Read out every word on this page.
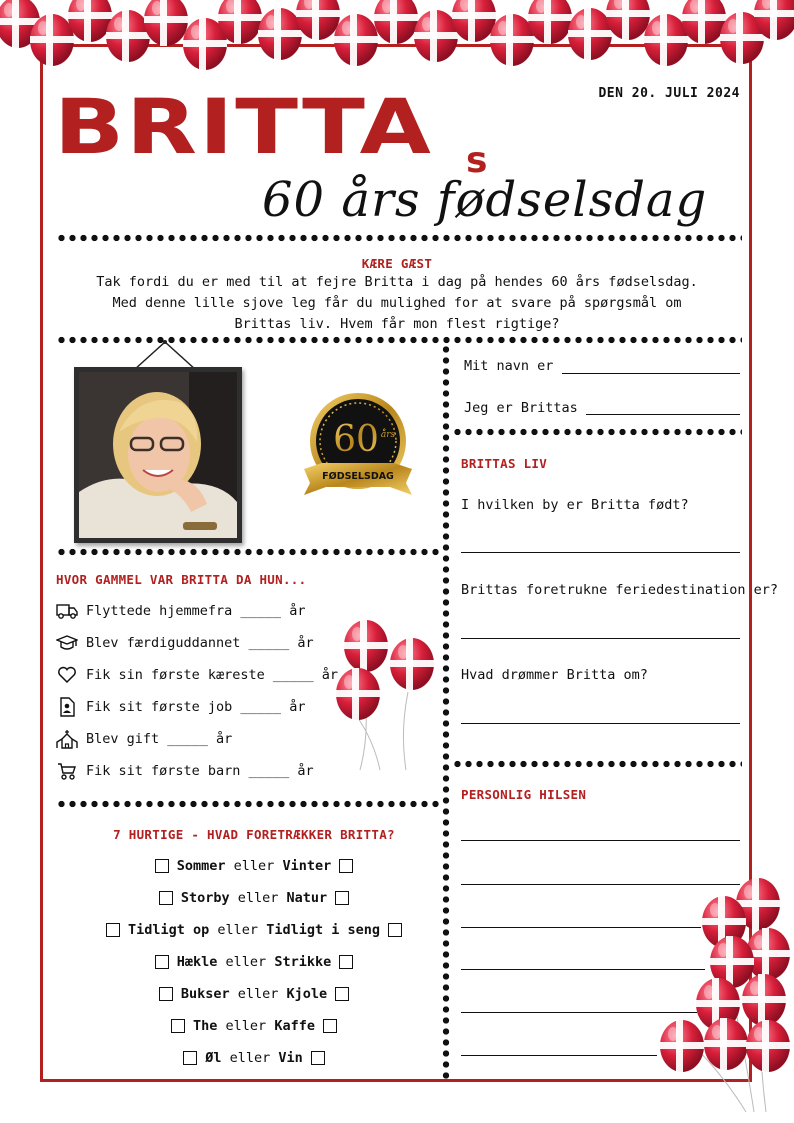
DEN 20. JULI 2024
BRITTA s
60 års fødselsdag
KÆRE GÆST
Tak fordi du er med til at fejre Britta i dag på hendes 60 års fødselsdag.
Med denne lille sjove leg får du mulighed for at svare på spørgsmål om
Brittas liv. Hvem får mon flest rigtige?
60 års
FØDSELSDAG
HVOR GAMMEL VAR BRITTA DA HUN...
Flyttede hjemmefra _____ år
Blev færdiguddannet _____ år
Fik sin første kæreste _____ år
Fik sit første job _____ år
Blev gift _____ år
Fik sit første barn _____ år
7 HURTIGE - HVAD FORETRÆKKER BRITTA?
Sommer eller Vinter
Storby eller Natur
Tidligt op eller Tidligt i seng
Hækle eller Strikke
Bukser eller Kjole
The eller Kaffe
Øl eller Vin
Mit navn er
Jeg er Brittas
BRITTAS LIV
I hvilken by er Britta født?
Brittas foretrukne feriedestination er?
Hvad drømmer Britta om?
PERSONLIG HILSEN
